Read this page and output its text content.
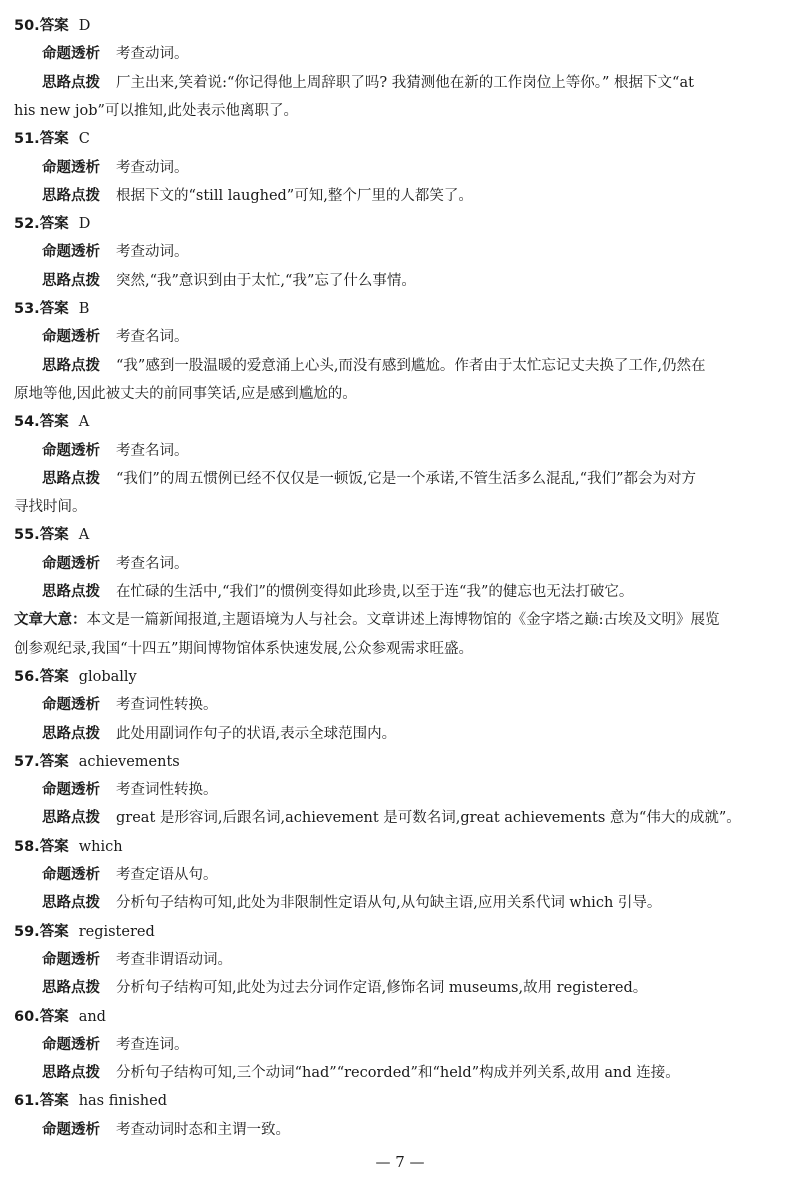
50.答案 D
命题透析 考查动词。
思路点拨 厂主出来,笑着说:“你记得他上周辞职了吗? 我猜测他在新的工作岗位上等你。” 根据下文“at
his new job”可以推知,此处表示他离职了。
51.答案 C
命题透析 考查动词。
思路点拨 根据下文的“still laughed”可知,整个厂里的人都笑了。
52.答案 D
命题透析 考查动词。
思路点拨 突然,“我”意识到由于太忙,“我”忘了什么事情。
53.答案 B
命题透析 考查名词。
思路点拨 “我”感到一股温暖的爱意涌上心头,而没有感到尴尬。作者由于太忙忘记丈夫换了工作,仍然在
原地等他,因此被丈夫的前同事笑话,应是感到尴尬的。
54.答案 A
命题透析 考查名词。
思路点拨 “我们”的周五惯例已经不仅仅是一顿饭,它是一个承诺,不管生活多么混乱,“我们”都会为对方
寻找时间。
55.答案 A
命题透析 考查名词。
思路点拨 在忙碌的生活中,“我们”的惯例变得如此珍贵,以至于连“我”的健忘也无法打破它。
文章大意：本文是一篇新闻报道,主题语境为人与社会。文章讲述上海博物馆的《金字塔之巅:古埃及文明》展览
创参观纪录,我国“十四五”期间博物馆体系快速发展,公众参观需求旺盛。
56.答案 globally
命题透析 考查词性转换。
思路点拨 此处用副词作句子的状语,表示全球范围内。
57.答案 achievements
命题透析 考查词性转换。
思路点拨 great 是形容词,后跟名词,achievement 是可数名词,great achievements 意为“伟大的成就”。
58.答案 which
命题透析 考查定语从句。
思路点拨 分析句子结构可知,此处为非限制性定语从句,从句缺主语,应用关系代词 which 引导。
59.答案 registered
命题透析 考查非谓语动词。
思路点拨 分析句子结构可知,此处为过去分词作定语,修饰名词 museums,故用 registered。
60.答案 and
命题透析 考查连词。
思路点拨 分析句子结构可知,三个动词“had”“recorded”和“held”构成并列关系,故用 and 连接。
61.答案 has finished
命题透析 考查动词时态和主谓一致。
— 7 —
